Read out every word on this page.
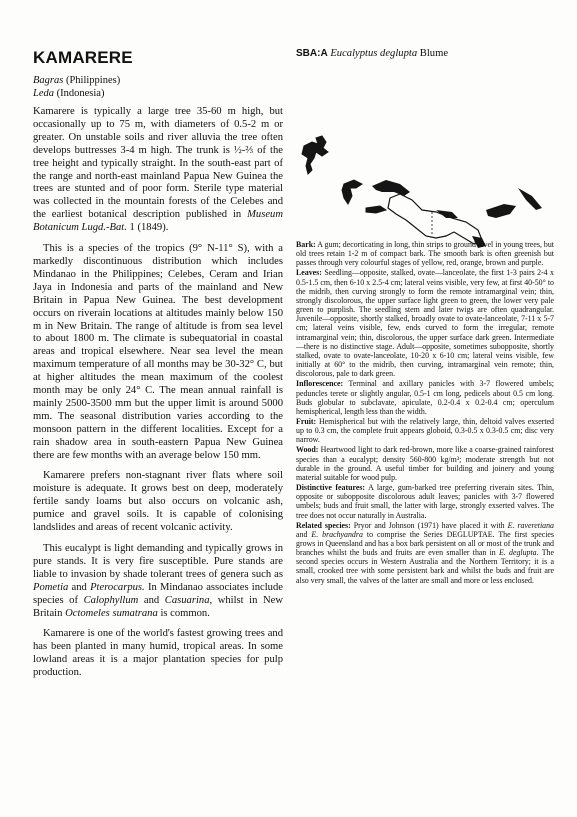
KAMARERE
Bagras (Philippines)
Leda (Indonesia)

Kamarere is typically a large tree 35-60 m high, but occasionally up to 75 m, with diameters of 0.5-2 m or greater. On unstable soils and river alluvia the tree often develops buttresses 3-4 m high. The trunk is ½-⅔ of the tree height and typically straight. In the south-east part of the range and north-east mainland Papua New Guinea the trees are stunted and of poor form. Sterile type material was collected in the mountain forests of the Celebes and the earliest botanical description published in Museum Botanicum Lugd.-Bat. 1 (1849).

This is a species of the tropics (9° N-11° S), with a markedly discontinuous distribution which includes Mindanao in the Philippines; Celebes, Ceram and Irian Jaya in Indonesia and parts of the mainland and New Britain in Papua New Guinea. The best development occurs on riverain locations at altitudes mainly below 150 m in New Britain. The range of altitude is from sea level to about 1800 m. The climate is subequatorial in coastal areas and tropical elsewhere. Near sea level the mean maximum temperature of all months may be 30-32° C, but at higher altitudes the mean maximum of the coolest month may be only 24° C. The mean annual rainfall is mainly 2500-3500 mm but the upper limit is around 5000 mm. The seasonal distribution varies according to the monsoon pattern in the different localities. Except for a rain shadow area in south-eastern Papua New Guinea there are few months with an average below 150 mm.

Kamarere prefers non-stagnant river flats where soil moisture is adequate. It grows best on deep, moderately fertile sandy loams but also occurs on volcanic ash, pumice and gravel soils. It is capable of colonising landslides and areas of recent volcanic activity.

This eucalypt is light demanding and typically grows in pure stands. It is very fire susceptible. Pure stands are liable to invasion by shade tolerant trees of genera such as Pometia and Pterocarpus. In Mindanao associates include species of Calophyllum and Casuarina, whilst in New Britain Octomeles sumatrana is common.

Kamarere is one of the world's fastest growing trees and has been planted in many humid, tropical areas. In some lowland areas it is a major plantation species for pulp production.

SBA:A Eucalyptus deglupta Blume

Bark: A gum; decorticating in long, thin strips to ground level in young trees, but old trees retain 1-2 m of compact bark. The smooth bark is often greenish but passes through very colourful stages of yellow, red, orange, brown and purple.

Leaves: Seedling—opposite, stalked, ovate—lanceolate, the first 1-3 pairs 2-4 x 0.5-1.5 cm, then 6-10 x 2.5-4 cm; lateral veins visible, very few, at first 40-50° to the midrib, then curving strongly to form the remote intramarginal vein; thin, strongly discolorous, the upper surface light green to green, the lower very pale green to purplish. The seedling stem and later twigs are often quadrangular. Juvenile—opposite, shortly stalked, broadly ovate to ovate-lanceolate, 7-11 x 5-7 cm; lateral veins visible, few, ends curved to form the irregular, remote intramarginal vein; thin, discolorous, the upper surface dark green. Intermediate—there is no distinctive stage. Adult—opposite, sometimes subopposite, shortly stalked, ovate to ovate-lanceolate, 10-20 x 6-10 cm; lateral veins visible, few initially at 60° to the midrib, then curving, intramarginal vein remote; thin, discolorous, pale to dark green.

Inflorescence: Terminal and axillary panicles with 3-7 flowered umbels; peduncles terete or slightly angular, 0.5-1 cm long, pedicels about 0.5 cm long. Buds globular to subclavate, apiculate, 0.2-0.4 x 0.2-0.4 cm; operculum hemispherical, length less than the width.

Fruit: Hemispherical but with the relatively large, thin, deltoid valves exserted up to 0.3 cm, the complete fruit appears globoid, 0.3-0.5 x 0.3-0.5 cm; disc very narrow.

Wood: Heartwood light to dark red-brown, more like a coarse-grained rainforest species than a eucalypt; density 560-800 kg/m³; moderate strength but not durable in the ground. A useful timber for building and joinery and young material suitable for wood pulp.

Distinctive features: A large, gum-barked tree preferring riverain sites. Thin, opposite or subopposite discolorous adult leaves; panicles with 3-7 flowered umbels; buds and fruit small, the latter with large, strongly exserted valves. The tree does not occur naturally in Australia.

Related species: Pryor and Johnson (1971) have placed it with E. raveretiana and E. brachyandra to comprise the Series DEGLUPTAE. The first species grows in Queensland and has a box bark persistent on all or most of the trunk and branches whilst the buds and fruits are even smaller than in E. deglupta. The second species occurs in Western Australia and the Northern Territory; it is a small, crooked tree with some persistent bark and whilst the buds and fruit are also very small, the valves of the latter are small and more or less enclosed.
